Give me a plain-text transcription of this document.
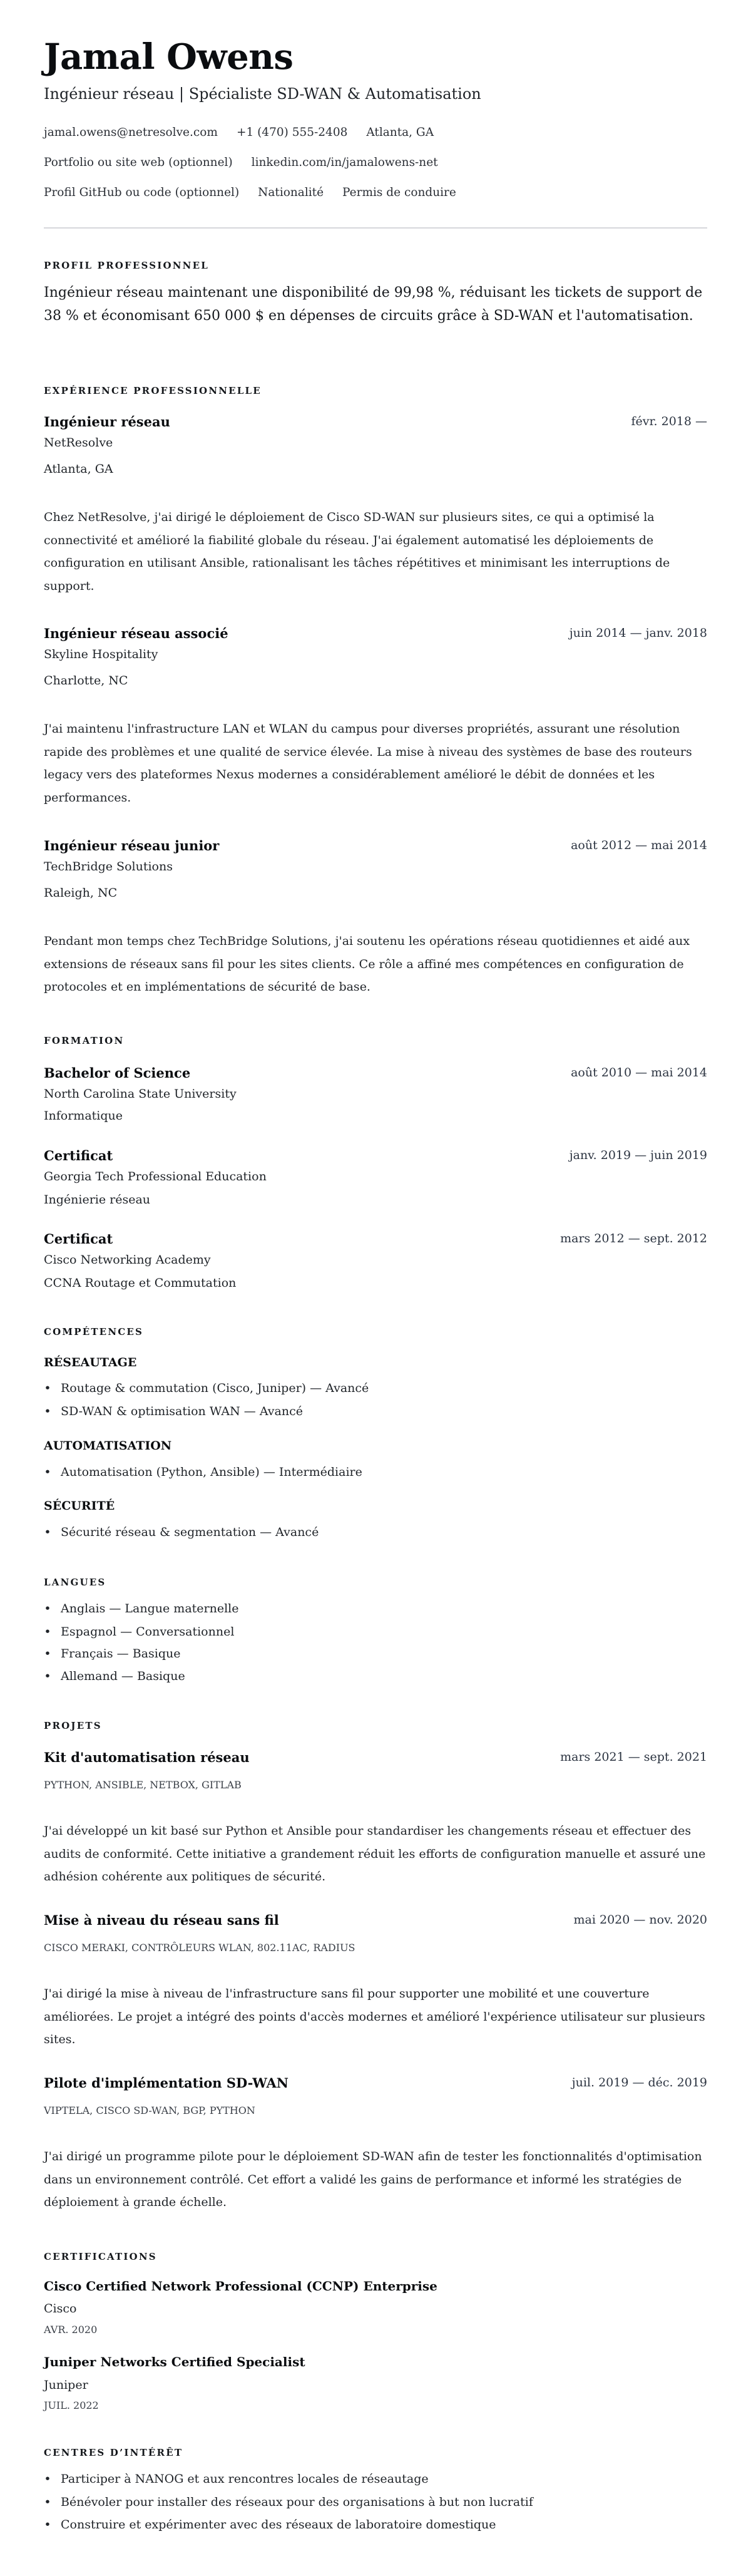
Jamal Owens
Ingénieur réseau | Spécialiste SD-WAN & Automatisation
jamal.owens@netresolve.com +1 (470) 555-2408 Atlanta, GA
Portfolio ou site web (optionnel) linkedin.com/in/jamalowens-net
Profil GitHub ou code (optionnel) Nationalité Permis de conduire
PROFIL PROFESSIONNEL

Ingénieur réseau maintenant une disponibilité de 99,98 %, réduisant les tickets de support de 38 % et économisant 650 000 $ en dépenses de circuits grâce à SD-WAN et l'automatisation.

EXPÉRIENCE PROFESSIONNELLE
Ingénieur réseau	févr. 2018 —
NetResolve
Atlanta, GA

Chez NetResolve, j'ai dirigé le déploiement de Cisco SD-WAN sur plusieurs sites, ce qui a optimisé la connectivité et amélioré la fiabilité globale du réseau. J'ai également automatisé les déploiements de configuration en utilisant Ansible, rationalisant les tâches répétitives et minimisant les interruptions de support.

Ingénieur réseau associé	juin 2014 — janv. 2018
Skyline Hospitality
Charlotte, NC

J'ai maintenu l'infrastructure LAN et WLAN du campus pour diverses propriétés, assurant une résolution rapide des problèmes et une qualité de service élevée. La mise à niveau des systèmes de base des routeurs legacy vers des plateformes Nexus modernes a considérablement amélioré le débit de données et les performances.

Ingénieur réseau junior	août 2012 — mai 2014
TechBridge Solutions
Raleigh, NC

Pendant mon temps chez TechBridge Solutions, j'ai soutenu les opérations réseau quotidiennes et aidé aux extensions de réseaux sans fil pour les sites clients. Ce rôle a affiné mes compétences en configuration de protocoles et en implémentations de sécurité de base.

FORMATION
Bachelor of Science	août 2010 — mai 2014
North Carolina State University
Informatique
Certificat	janv. 2019 — juin 2019
Georgia Tech Professional Education
Ingénierie réseau
Certificat	mars 2012 — sept. 2012
Cisco Networking Academy
CCNA Routage et Commutation
COMPÉTENCES
RÉSEAUTAGE
• Routage & commutation (Cisco, Juniper) — Avancé
• SD-WAN & optimisation WAN — Avancé
AUTOMATISATION
• Automatisation (Python, Ansible) — Intermédiaire
SÉCURITÉ
• Sécurité réseau & segmentation — Avancé
LANGUES
• Anglais — Langue maternelle
• Espagnol — Conversationnel
• Français — Basique
• Allemand — Basique
PROJETS
Kit d'automatisation réseau	mars 2021 — sept. 2021
PYTHON, ANSIBLE, NETBOX, GITLAB

J'ai développé un kit basé sur Python et Ansible pour standardiser les changements réseau et effectuer des audits de conformité. Cette initiative a grandement réduit les efforts de configuration manuelle et assuré une adhésion cohérente aux politiques de sécurité.

Mise à niveau du réseau sans fil	mai 2020 — nov. 2020
CISCO MERAKI, CONTRÔLEURS WLAN, 802.11AC, RADIUS

J'ai dirigé la mise à niveau de l'infrastructure sans fil pour supporter une mobilité et une couverture améliorées. Le projet a intégré des points d'accès modernes et amélioré l'expérience utilisateur sur plusieurs sites.

Pilote d'implémentation SD-WAN	juil. 2019 — déc. 2019
VIPTELA, CISCO SD-WAN, BGP, PYTHON

J'ai dirigé un programme pilote pour le déploiement SD-WAN afin de tester les fonctionnalités d'optimisation dans un environnement contrôlé. Cet effort a validé les gains de performance et informé les stratégies de déploiement à grande échelle.

CERTIFICATIONS
Cisco Certified Network Professional (CCNP) Enterprise
Cisco
AVR. 2020
Juniper Networks Certified Specialist
Juniper
JUIL. 2022
CENTRES D’INTÉRÊT
• Participer à NANOG et aux rencontres locales de réseautage
• Bénévoler pour installer des réseaux pour des organisations à but non lucratif
• Construire et expérimenter avec des réseaux de laboratoire domestique
